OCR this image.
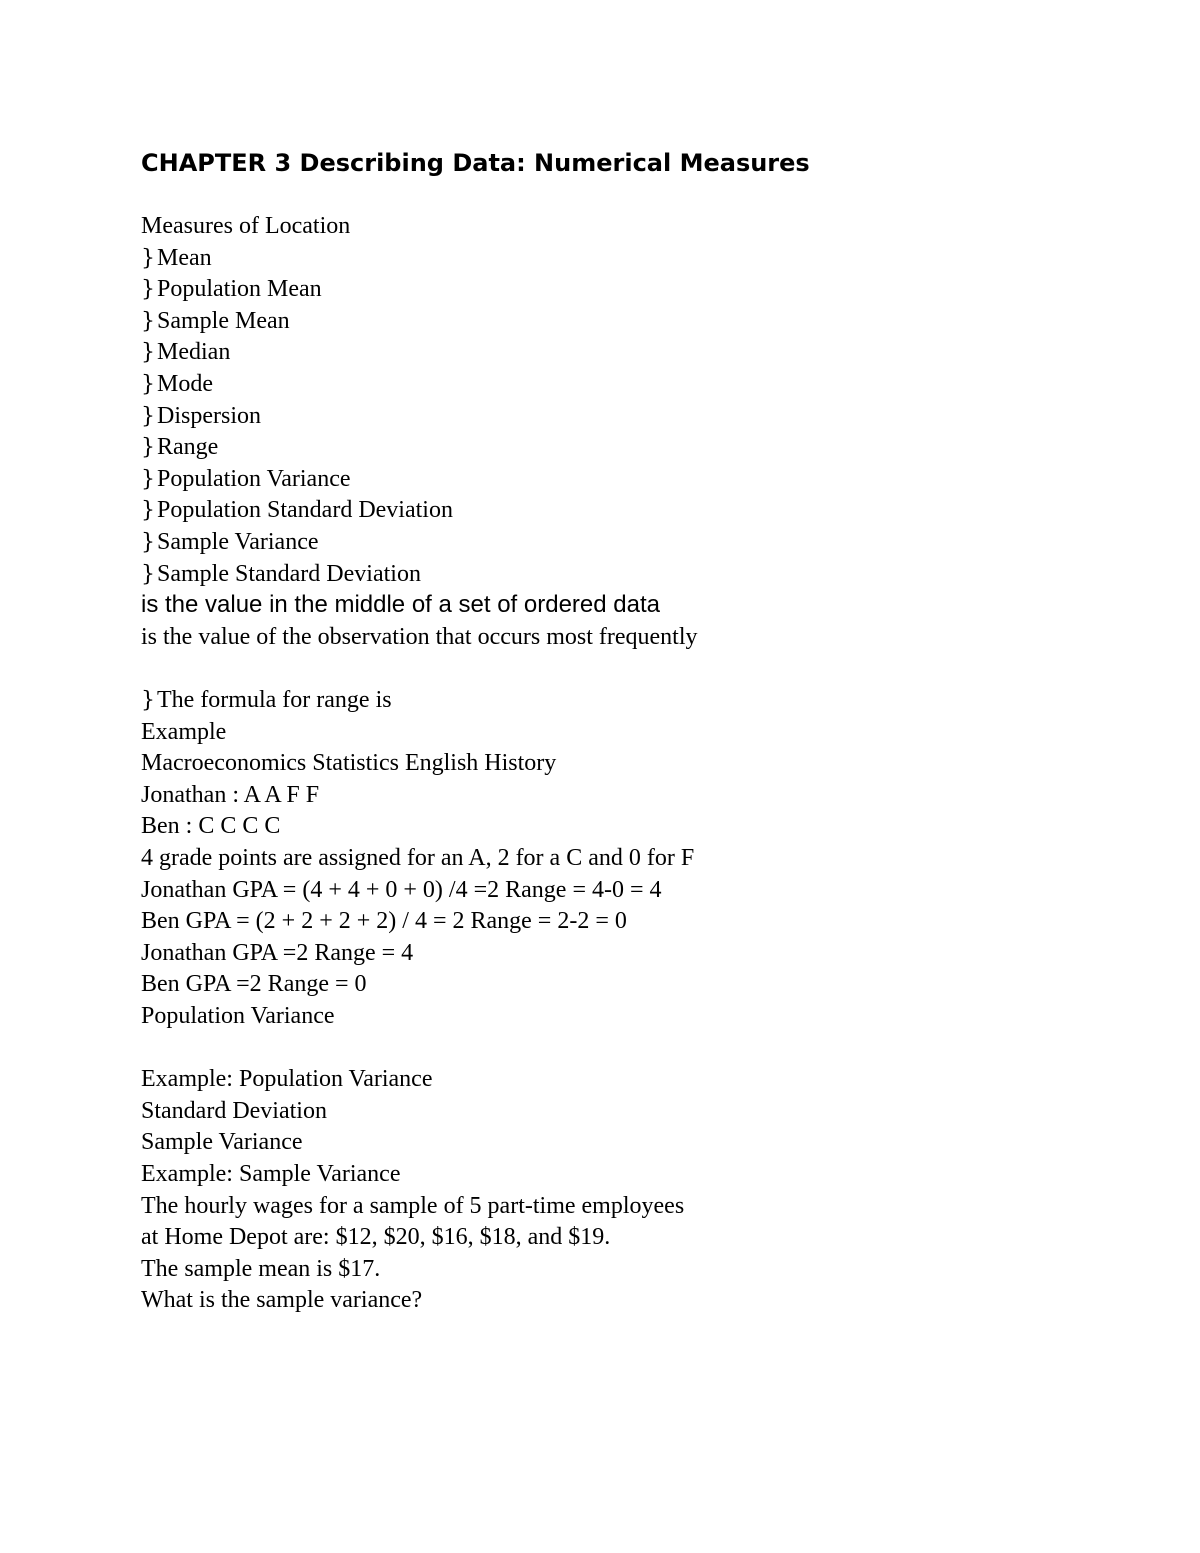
CHAPTER 3 Describing Data: Numerical Measures
Measures of Location
}Mean
}Population Mean
}Sample Mean
}Median
}Mode
}Dispersion
}Range
}Population Variance
}Population Standard Deviation
}Sample Variance
}Sample Standard Deviation
is the value in the middle of a set of ordered data
is the value of the observation that occurs most frequently
}The formula for range is
Example
Macroeconomics Statistics English History
Jonathan : A A F F
Ben : C C C C
4 grade points are assigned for an A, 2 for a C and 0 for F
Jonathan GPA = (4 + 4 + 0 + 0) /4 =2 Range = 4-0 = 4
Ben GPA = (2 + 2 + 2 + 2) / 4 = 2 Range = 2-2 = 0
Jonathan GPA =2 Range = 4
Ben GPA =2 Range = 0
Population Variance
Example: Population Variance
Standard Deviation
Sample Variance
Example: Sample Variance
The hourly wages for a sample of 5 part-time employees
at Home Depot are: $12, $20, $16, $18, and $19.
The sample mean is $17.
What is the sample variance?
